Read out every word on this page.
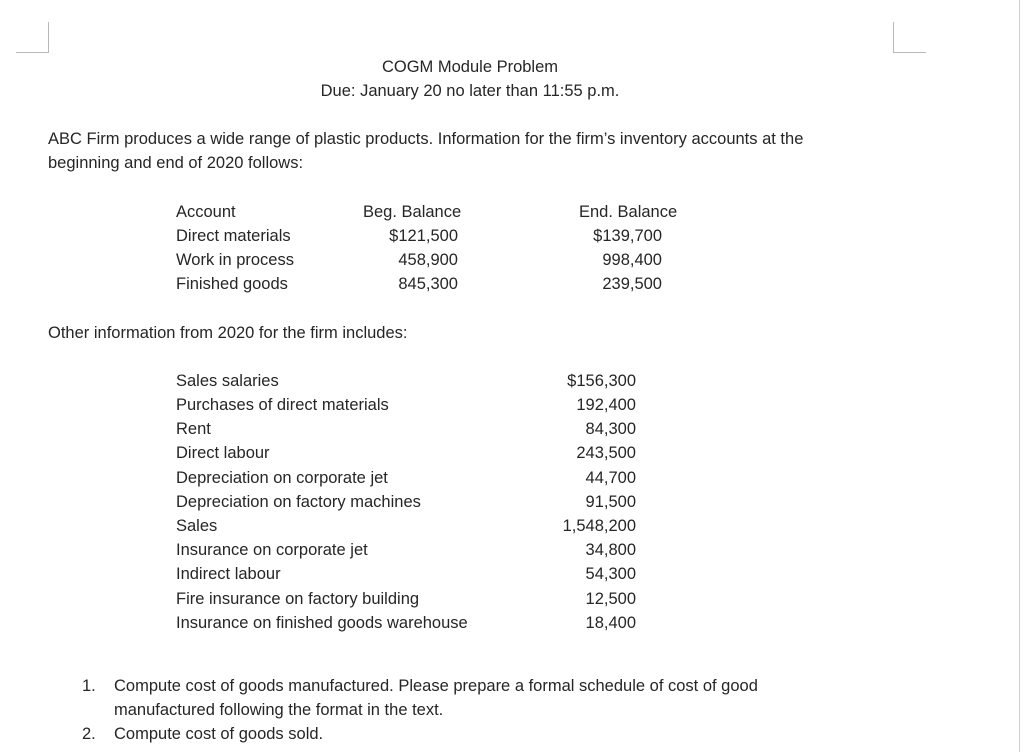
COGM Module Problem
Due: January 20 no later than 11:55 p.m.
ABC Firm produces a wide range of plastic products. Information for the firm’s inventory accounts at the
beginning and end of 2020 follows:
Account	Beg. Balance	End. Balance
Direct materials	$121,500	$139,700
Work in process	458,900	998,400
Finished goods	845,300	239,500
Other information from 2020 for the firm includes:
Sales salaries	$156,300
Purchases of direct materials	192,400
Rent	84,300
Direct labour	243,500
Depreciation on corporate jet	44,700
Depreciation on factory machines	91,500
Sales	1,548,200
Insurance on corporate jet	34,800
Indirect labour	54,300
Fire insurance on factory building	12,500
Insurance on finished goods warehouse	18,400
1. Compute cost of goods manufactured. Please prepare a formal schedule of cost of good
manufactured following the format in the text.
2. Compute cost of goods sold.
